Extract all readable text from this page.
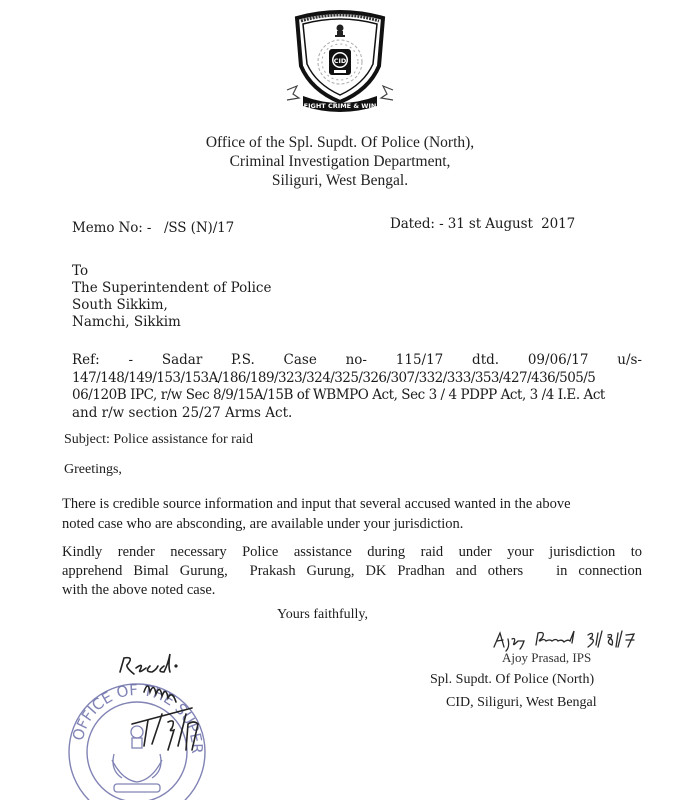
CID
FIGHT CRIME & WIN
Office of the Spl. Supdt. Of Police (North),
Criminal Investigation Department,
Siliguri, West Bengal.
Memo No: -   /SS (N)/17	Dated: - 31 st August  2017
To
The Superintendent of Police
South Sikkim,
Namchi, Sikkim
Ref:   -   Sadar   P.S.   Case   no-   115/17   dtd.   09/06/17   u/s-
147/148/149/153/153A/186/189/323/324/325/326/307/332/333/353/427/436/505/5
06/120B IPC, r/w Sec 8/9/15A/15B of WBMPO Act, Sec 3 / 4 PDPP Act, 3 /4 I.E. Act
and r/w section 25/27 Arms Act.
Subject: Police assistance for raid
Greetings,
There is credible source information and input that several accused wanted in the above
noted case who are absconding, are available under your jurisdiction.
Kindly render necessary Police assistance during raid under your jurisdiction to
apprehend Bimal Gurung,  Prakash Gurung, DK Pradhan and others   in connection
with the above noted case.
Yours faithfully,
Ajoy Prasad, IPS
Spl. Supdt. Of Police (North)
CID, Siliguri, West Bengal
OFFICE OF THE SUPER
